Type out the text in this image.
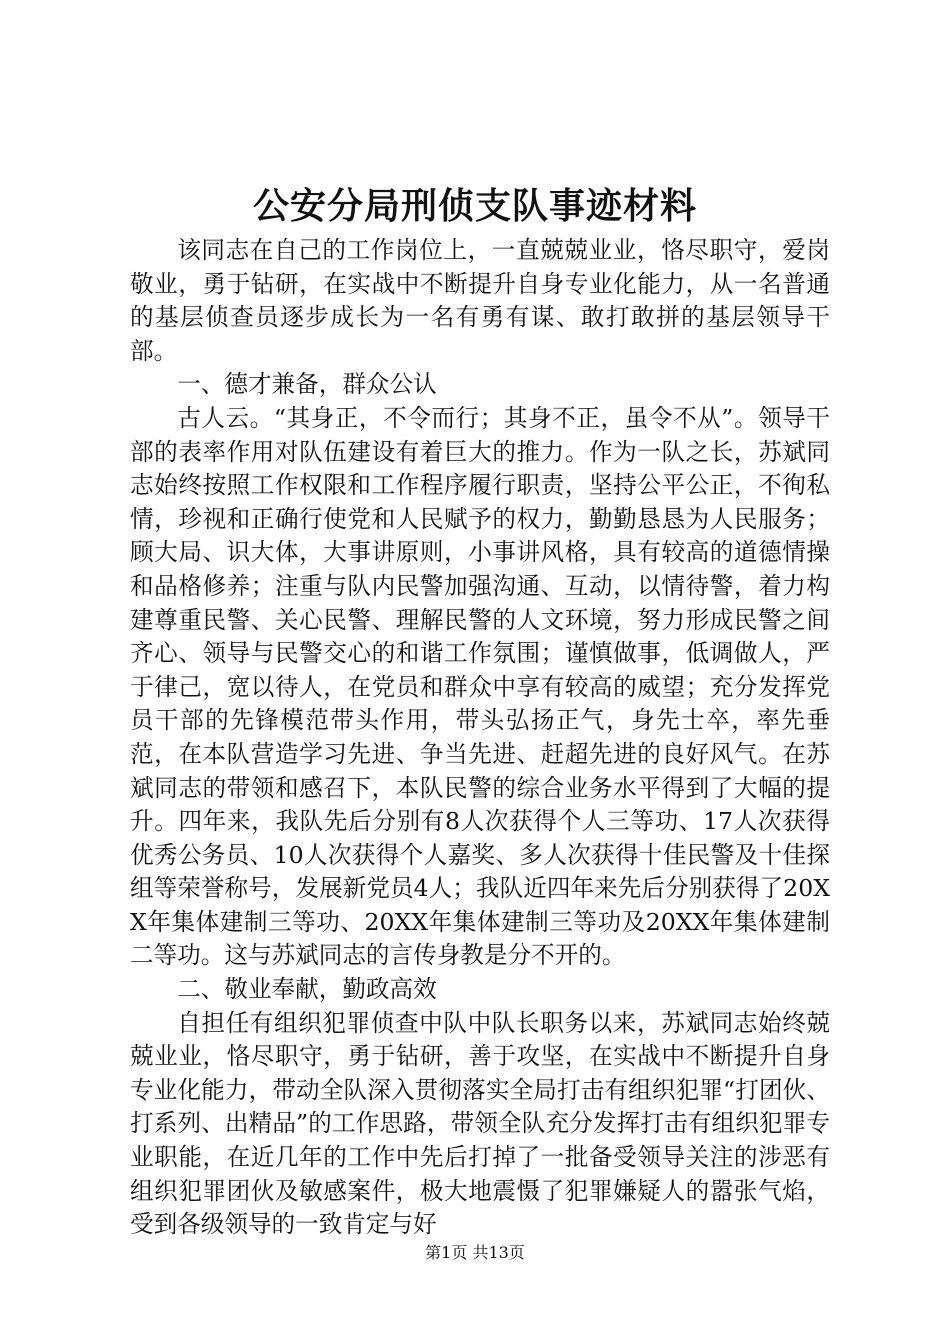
公安分局刑侦支队事迹材料

该同志在自己的工作岗位上，一直兢兢业业，恪尽职守，爱岗敬业，勇于钻研，在实战中不断提升自身专业化能力，从一名普通的基层侦查员逐步成长为一名有勇有谋、敢打敢拼的基层领导干部。

一、德才兼备，群众公认

古人云。“其身正，不令而行；其身不正，虽令不从”。领导干部的表率作用对队伍建设有着巨大的推力。作为一队之长，苏斌同志始终按照工作权限和工作程序履行职责，坚持公平公正，不徇私情，珍视和正确行使党和人民赋予的权力，勤勤恳恳为人民服务；顾大局、识大体，大事讲原则，小事讲风格，具有较高的道德情操和品格修养；注重与队内民警加强沟通、互动，以情待警，着力构建尊重民警、关心民警、理解民警的人文环境，努力形成民警之间齐心、领导与民警交心的和谐工作氛围；谨慎做事，低调做人，严于律己，宽以待人，在党员和群众中享有较高的威望；充分发挥党员干部的先锋模范带头作用，带头弘扬正气，身先士卒，率先垂范，在本队营造学习先进、争当先进、赶超先进的良好风气。在苏斌同志的带领和感召下，本队民警的综合业务水平得到了大幅的提升。四年来，我队先后分别有8人次获得个人三等功、17人次获得优秀公务员、10人次获得个人嘉奖、多人次获得十佳民警及十佳探组等荣誉称号，发展新党员4人；我队近四年来先后分别获得了20XX年集体建制三等功、20XX年集体建制三等功及20XX年集体建制二等功。这与苏斌同志的言传身教是分不开的。

二、敬业奉献，勤政高效

自担任有组织犯罪侦查中队中队长职务以来，苏斌同志始终兢兢业业，恪尽职守，勇于钻研，善于攻坚，在实战中不断提升自身专业化能力，带动全队深入贯彻落实全局打击有组织犯罪“打团伙、打系列、出精品”的工作思路，带领全队充分发挥打击有组织犯罪专业职能，在近几年的工作中先后打掉了一批备受领导关注的涉恶有组织犯罪团伙及敏感案件，极大地震慑了犯罪嫌疑人的嚣张气焰，受到各级领导的一致肯定与好

第1页 共13页
